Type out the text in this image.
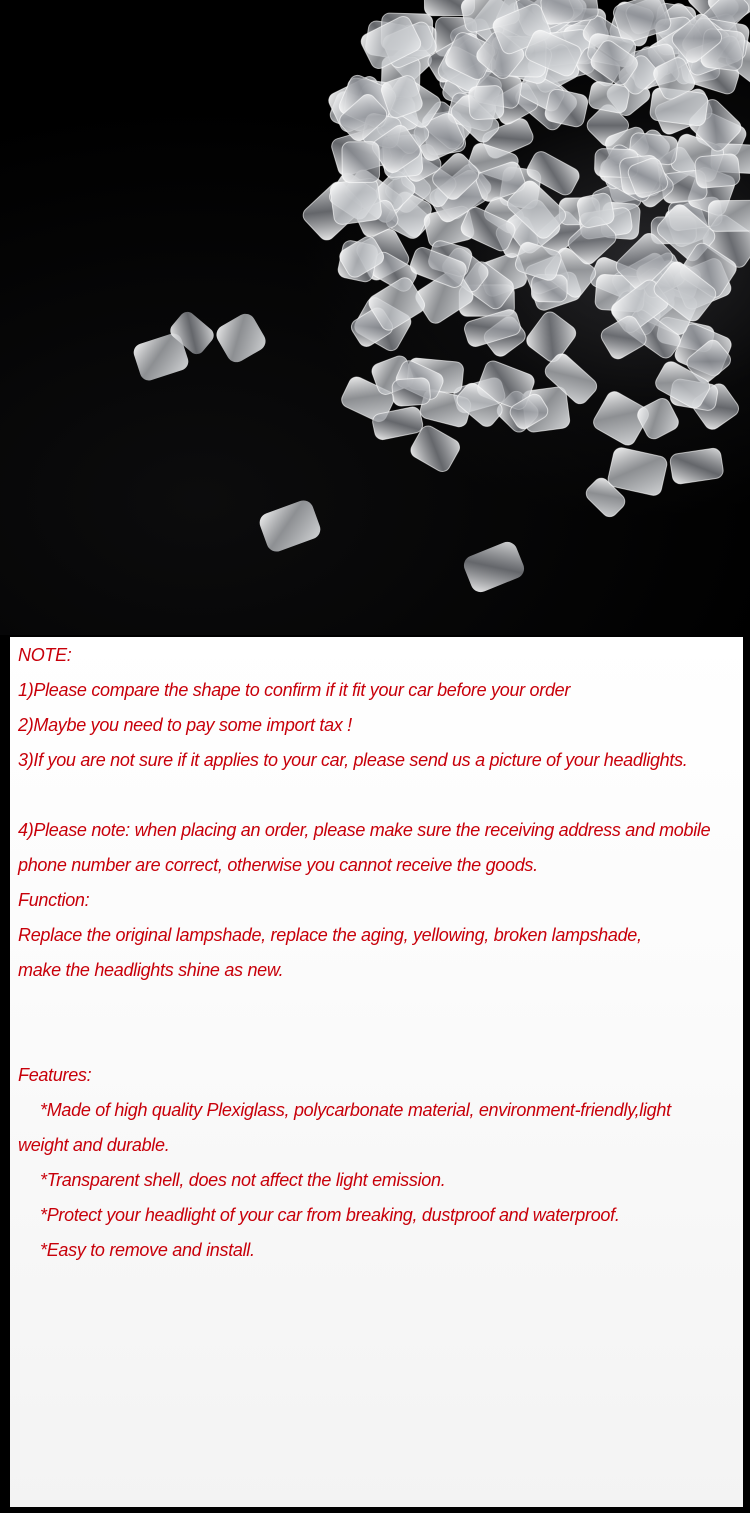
NOTE:
1)Please compare the shape to confirm if it fit your car before your order
2)Maybe you need to pay some import tax !
3)If you are not sure if it applies to your car, please send us a picture of your headlights.
4)Please note: when placing an order, please make sure the receiving address and mobile
phone number are correct, otherwise you cannot receive the goods.
Function:
Replace the original lampshade, replace the aging, yellowing, broken lampshade,
make the headlights shine as new.
Features:
*Made of high quality Plexiglass, polycarbonate material, environment-friendly,light
weight and durable.
*Transparent shell, does not affect the light emission.
*Protect your headlight of your car from breaking, dustproof and waterproof.
*Easy to remove and install.
